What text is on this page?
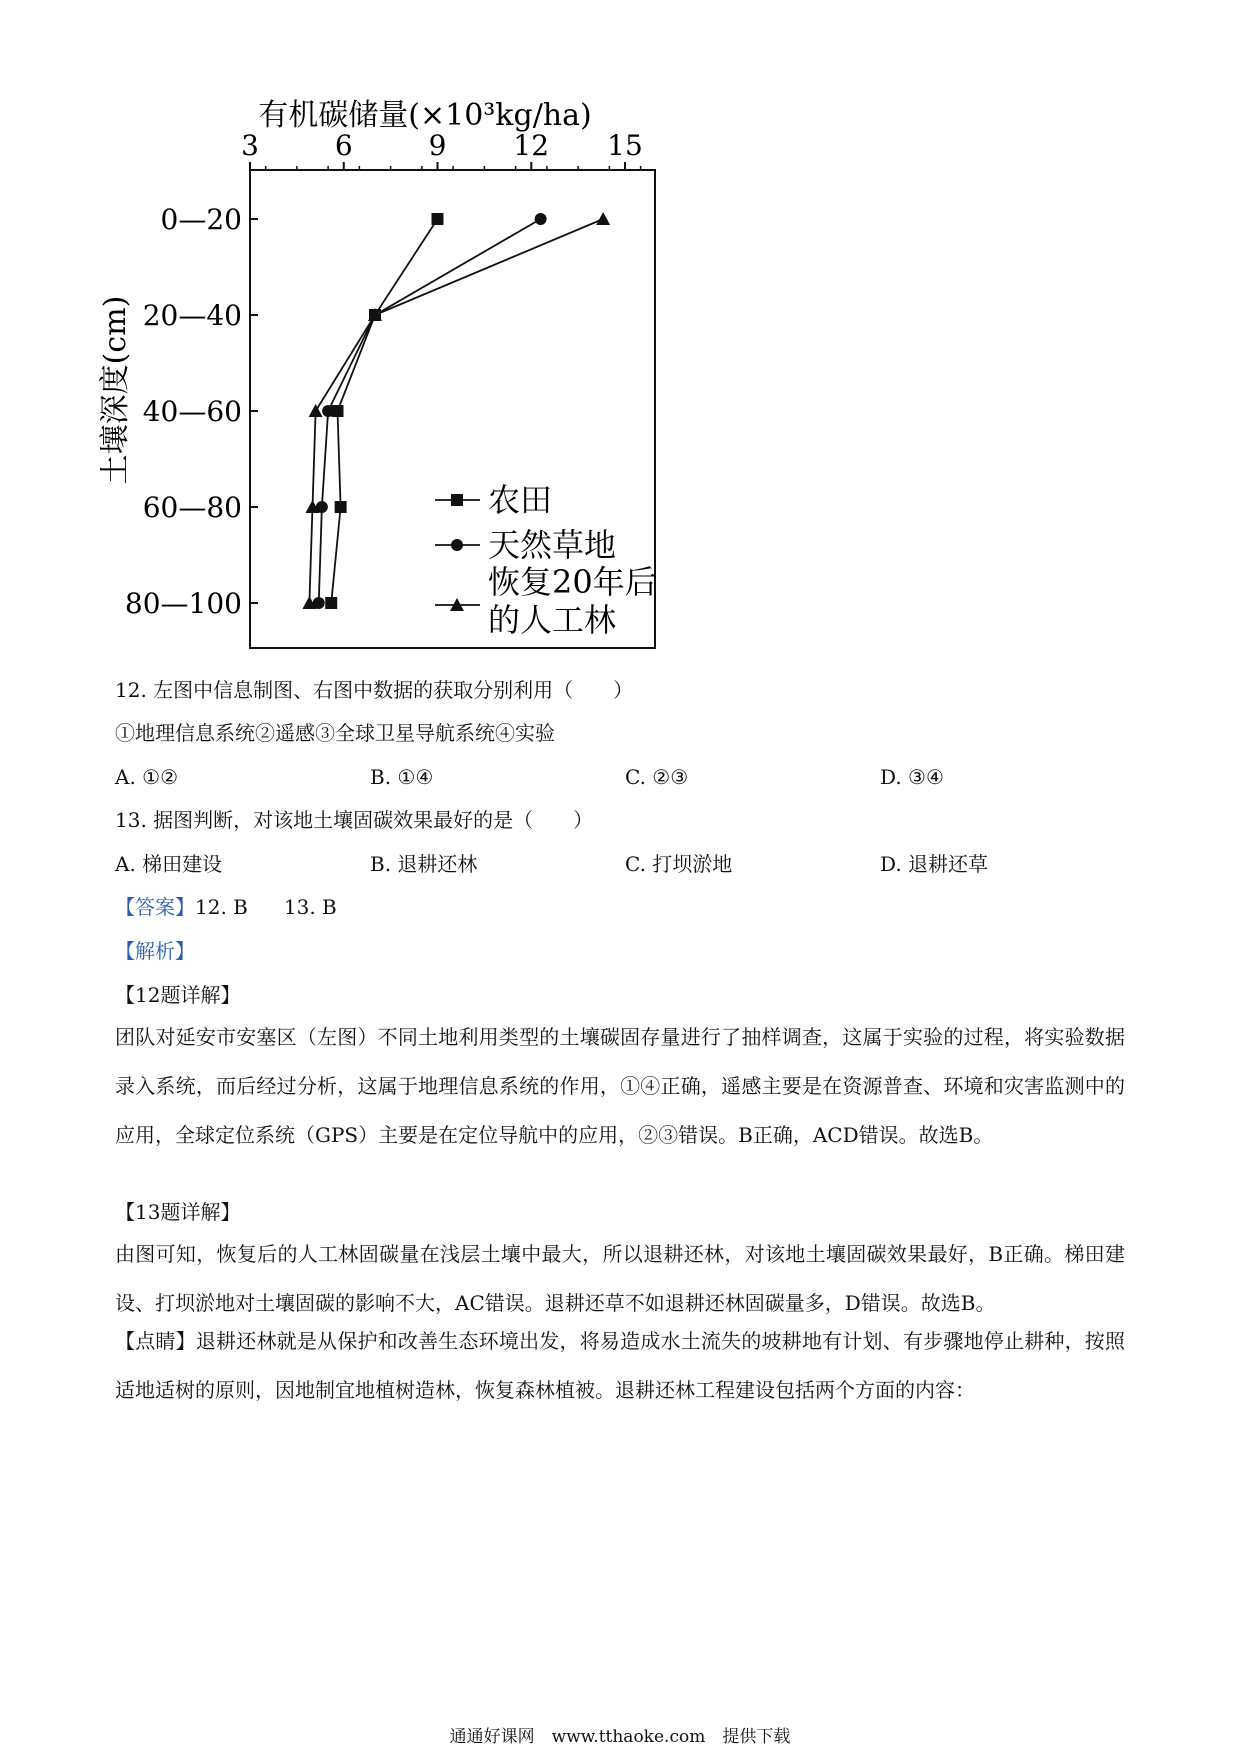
有机碳储量(×10³kg/ha)
土壤深度(cm)
3	6	9 12 15
0—20
20—40
40—60
60—80
80—100
农田
天然草地
恢复20年后
的人工林
12. 左图中信息制图、右图中数据的获取分别利用（　　）
①地理信息系统②遥感③全球卫星导航系统④实验
A. ①②	B. ①④	C. ②③	D. ③④
13. 据图判断，对该地土壤固碳效果最好的是（　　）
A. 梯田建设	B. 退耕还林	C. 打坝淤地	D. 退耕还草
【答案】12. B 13. B
【解析】
【12题详解】
团队对延安市安塞区（左图）不同土地利用类型的土壤碳固存量进行了抽样调查，这属于实验的过程，将实验数据录入系统，而后经过分析，这属于地理信息系统的作用，①④正确，遥感主要是在资源普查、环境和灾害监测中的应用，全球定位系统（GPS）主要是在定位导航中的应用，②③错误。B正确，ACD错误。故选B。
【13题详解】
由图可知，恢复后的人工林固碳量在浅层土壤中最大，所以退耕还林，对该地土壤固碳效果最好，B正确。梯田建设、打坝淤地对土壤固碳的影响不大，AC错误。退耕还草不如退耕还林固碳量多，D错误。故选B。
【点睛】退耕还林就是从保护和改善生态环境出发，将易造成水土流失的坡耕地有计划、有步骤地停止耕种，按照适地适树的原则，因地制宜地植树造林，恢复森林植被。退耕还林工程建设包括两个方面的内容：
通通好课网　www.tthaoke.com　提供下载
